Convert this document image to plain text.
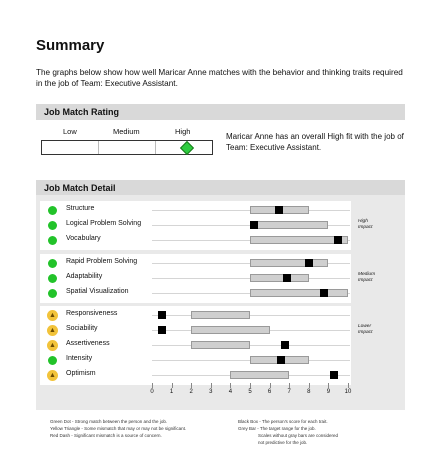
Summary
The graphs below show how well Maricar Anne matches with the behavior and thinking traits required in the job of Team: Executive Assistant.
Job Match Rating
Low	Medium	High
Maricar Anne has an overall High fit with the job of Team: Executive Assistant.
Job Match Detail
Structure
Logical Problem Solving
Vocabulary
High
Impact
Rapid Problem Solving
Adaptability
Spatial Visualization
Medium
Impact
▲ Responsiveness
▲ Sociability
▲ Assertiveness
Intensity
▲ Optimism
Lower
Impact
0	1	2	3	4	5	6	7	8	9	10
Green Dot - Strong match between the person and the job.
Yellow Triangle - Some mismatch that may or may not be significant.
Red Dash - Significant mismatch is a source of concern.
Black Box - The person's score for each trait.
Grey Bar - The target range for the job.
Scales without gray bars are considered
not predictive for the job.
